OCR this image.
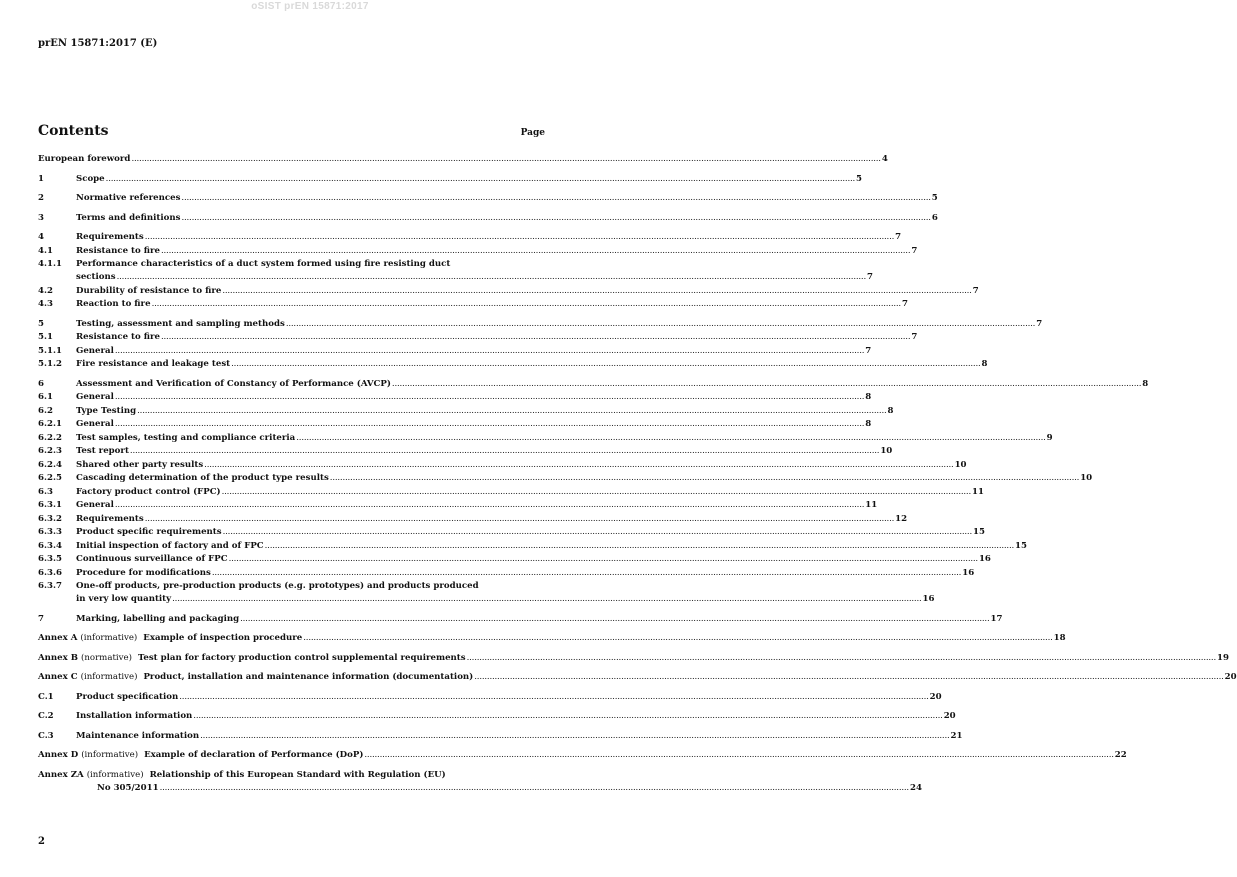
oSIST prEN 15871:2017
prEN 15871:2017 (E)
Contents	Page
European foreword ........................................................................................................................................................................................................................................................................................................ 4
1	Scope ........................................................................................................................................................................................................................................................................................................ 5
2	Normative references ........................................................................................................................................................................................................................................................................................................ 5
3	Terms and definitions ........................................................................................................................................................................................................................................................................................................ 6
4	Requirements ........................................................................................................................................................................................................................................................................................................ 7
4.1	Resistance to fire ........................................................................................................................................................................................................................................................................................................ 7
4.1.1 Performance characteristics of a duct system formed using fire resisting duct
sections ........................................................................................................................................................................................................................................................................................................ 7
4.2	Durability of resistance to fire ........................................................................................................................................................................................................................................................................................................ 7
4.3	Reaction to fire ........................................................................................................................................................................................................................................................................................................ 7
5	Testing, assessment and sampling methods ........................................................................................................................................................................................................................................................................................................ 7
5.1	Resistance to fire ........................................................................................................................................................................................................................................................................................................ 7
5.1.1 General ........................................................................................................................................................................................................................................................................................................ 7
5.1.2 Fire resistance and leakage test ........................................................................................................................................................................................................................................................................................................ 8
6	Assessment and Verification of Constancy of Performance (AVCP) ........................................................................................................................................................................................................................................................................................................ 8
6.1	General ........................................................................................................................................................................................................................................................................................................ 8
6.2	Type Testing ........................................................................................................................................................................................................................................................................................................ 8
6.2.1 General ........................................................................................................................................................................................................................................................................................................ 8
6.2.2 Test samples, testing and compliance criteria ........................................................................................................................................................................................................................................................................................................ 9
6.2.3 Test report ........................................................................................................................................................................................................................................................................................................ 10
6.2.4 Shared other party results ........................................................................................................................................................................................................................................................................................................ 10
6.2.5 Cascading determination of the product type results ........................................................................................................................................................................................................................................................................................................ 10
6.3	Factory product control (FPC) ........................................................................................................................................................................................................................................................................................................ 11
6.3.1 General ........................................................................................................................................................................................................................................................................................................ 11
6.3.2 Requirements ........................................................................................................................................................................................................................................................................................................ 12
6.3.3 Product specific requirements ........................................................................................................................................................................................................................................................................................................ 15
6.3.4 Initial inspection of factory and of FPC ........................................................................................................................................................................................................................................................................................................ 15
6.3.5 Continuous surveillance of FPC ........................................................................................................................................................................................................................................................................................................ 16
6.3.6 Procedure for modifications ........................................................................................................................................................................................................................................................................................................ 16
6.3.7 One-off products, pre-production products (e.g. prototypes) and products produced
in very low quantity ........................................................................................................................................................................................................................................................................................................ 16
7	Marking, labelling and packaging ........................................................................................................................................................................................................................................................................................................ 17
Annex A (informative) Example of inspection procedure ........................................................................................................................................................................................................................................................................................................ 18
Annex B (normative) Test plan for factory production control supplemental requirements ........................................................................................................................................................................................................................................................................................................ 19
Annex C (informative) Product, installation and maintenance information (documentation) ........................................................................................................................................................................................................................................................................................................ 20
C.1	Product specification ........................................................................................................................................................................................................................................................................................................ 20
C.2	Installation information ........................................................................................................................................................................................................................................................................................................ 20
C.3	Maintenance information ........................................................................................................................................................................................................................................................................................................ 21
Annex D (informative) Example of declaration of Performance (DoP) ........................................................................................................................................................................................................................................................................................................ 22
Annex ZA (informative) Relationship of this European Standard with Regulation (EU)
No 305/2011 ........................................................................................................................................................................................................................................................................................................ 24
2
